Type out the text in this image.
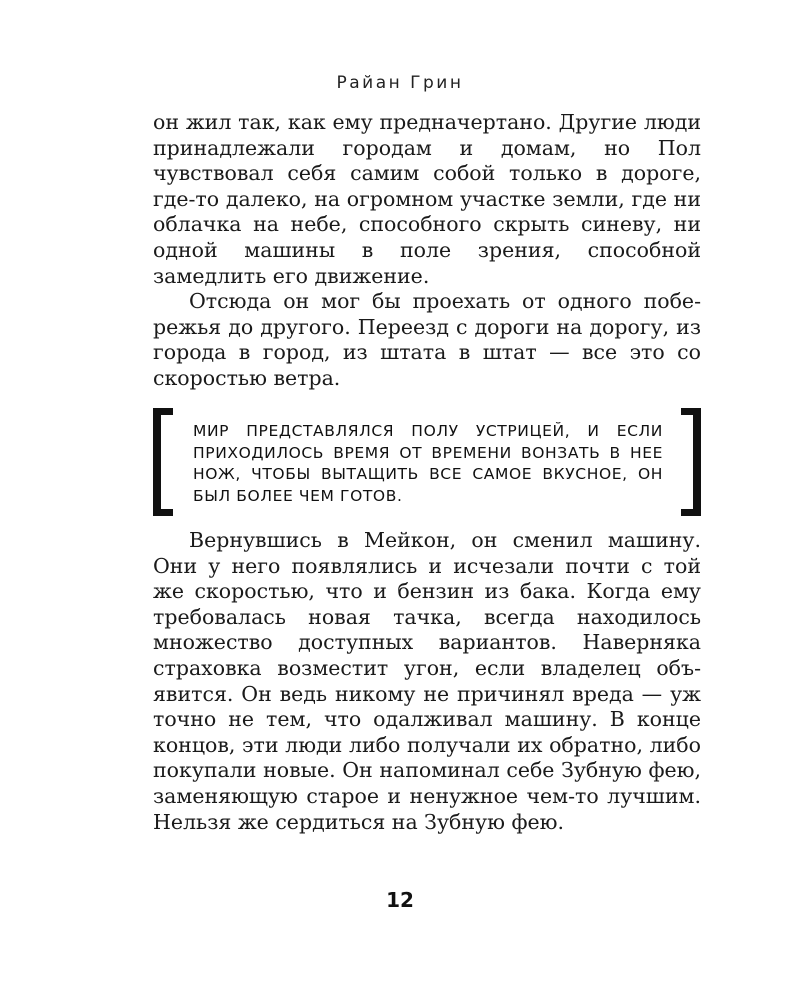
Райан Грин

он жил так, как ему предначертано. Другие люди принадлежали городам и домам, но Пол чувствовал себя самим собой только в дороге, где-то далеко, на огромном участке земли, где ни облачка на небе, способного скрыть синеву, ни одной машины в поле зрения, способной замедлить его движение.

Отсюда он мог бы проехать от одного побережья до другого. Переезд с дороги на дорогу, из города в город, из штата в штат — все это со скоростью ветра.

МИР ПРЕДСТАВЛЯЛСЯ ПОЛУ УСТРИЦЕЙ, И ЕСЛИ ПРИХОДИЛОСЬ ВРЕМЯ ОТ ВРЕМЕНИ ВОНЗАТЬ В НЕЕ НОЖ, ЧТОБЫ ВЫТАЩИТЬ ВСЕ САМОЕ ВКУСНОЕ, ОН БЫЛ БОЛЕЕ ЧЕМ ГОТОВ.

Вернувшись в Мейкон, он сменил машину. Они у него появлялись и исчезали почти с той же скоростью, что и бензин из бака. Когда ему требовалась новая тачка, всегда находилось множество доступных вариантов. Наверняка страховка возместит угон, если владелец объявится. Он ведь никому не причинял вреда — уж точно не тем, что одалживал машину. В конце концов, эти люди либо получали их обратно, либо покупали новые. Он напоминал себе Зубную фею, заменяющую старое и ненужное чем-то лучшим. Нельзя же сердиться на Зубную фею.

12
